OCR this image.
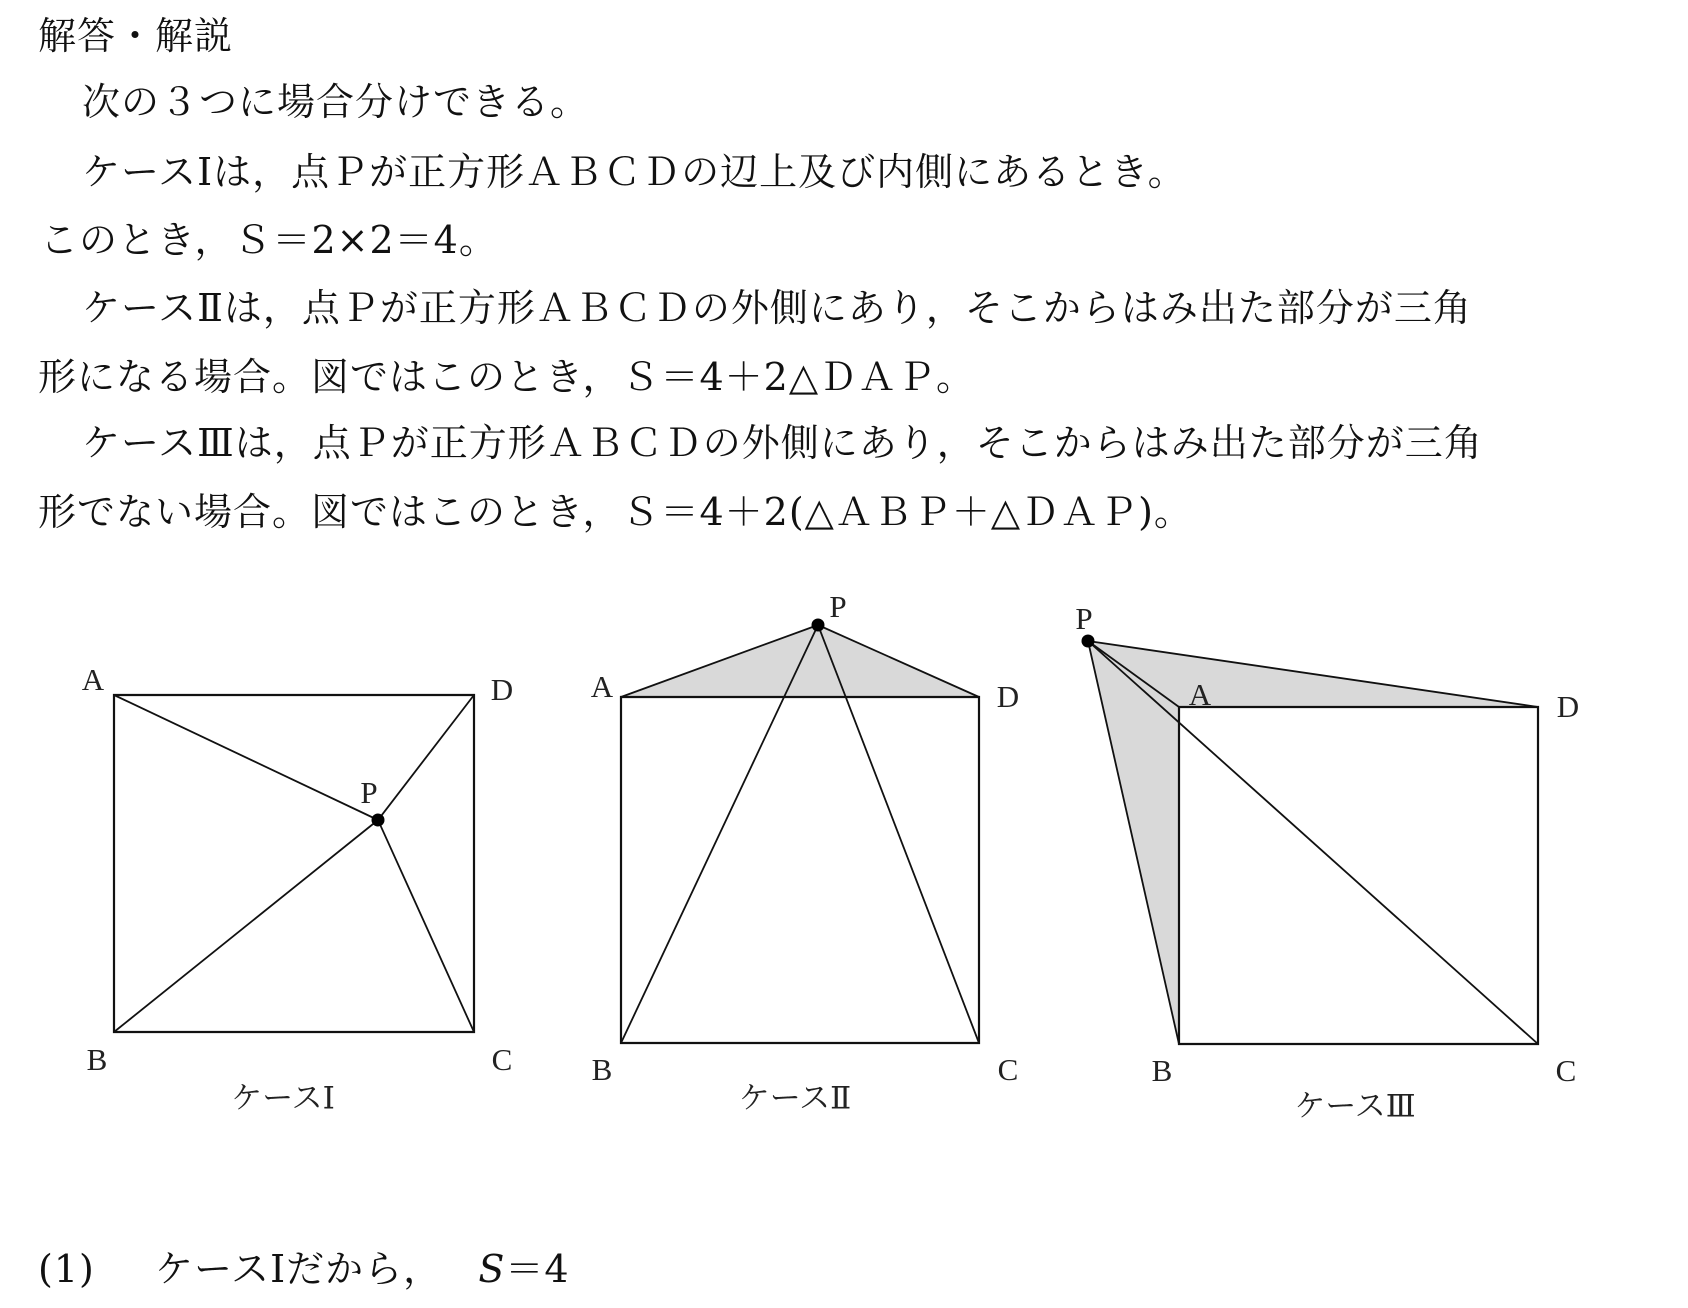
解答・解説
次の３つに場合分けできる。
ケースⅠは，点Ｐが正方形ＡＢＣＤの辺上及び内側にあるとき。
このとき，Ｓ＝2×2＝4。
ケースⅡは，点Ｐが正方形ＡＢＣＤの外側にあり，そこからはみ出た部分が三角
形になる場合。図ではこのとき，Ｓ＝4＋2△ＤＡＰ。
ケースⅢは，点Ｐが正方形ＡＢＣＤの外側にあり，そこからはみ出た部分が三角
形でない場合。図ではこのとき，Ｓ＝4＋2(△ＡＢＰ＋△ＤＡＰ)。
A	D
B	C
P
ケースⅠ
A	D
B	C
P
ケースⅡ
A	D
B	C
P
ケースⅢ
(1) ケースⅠだから， S＝4
